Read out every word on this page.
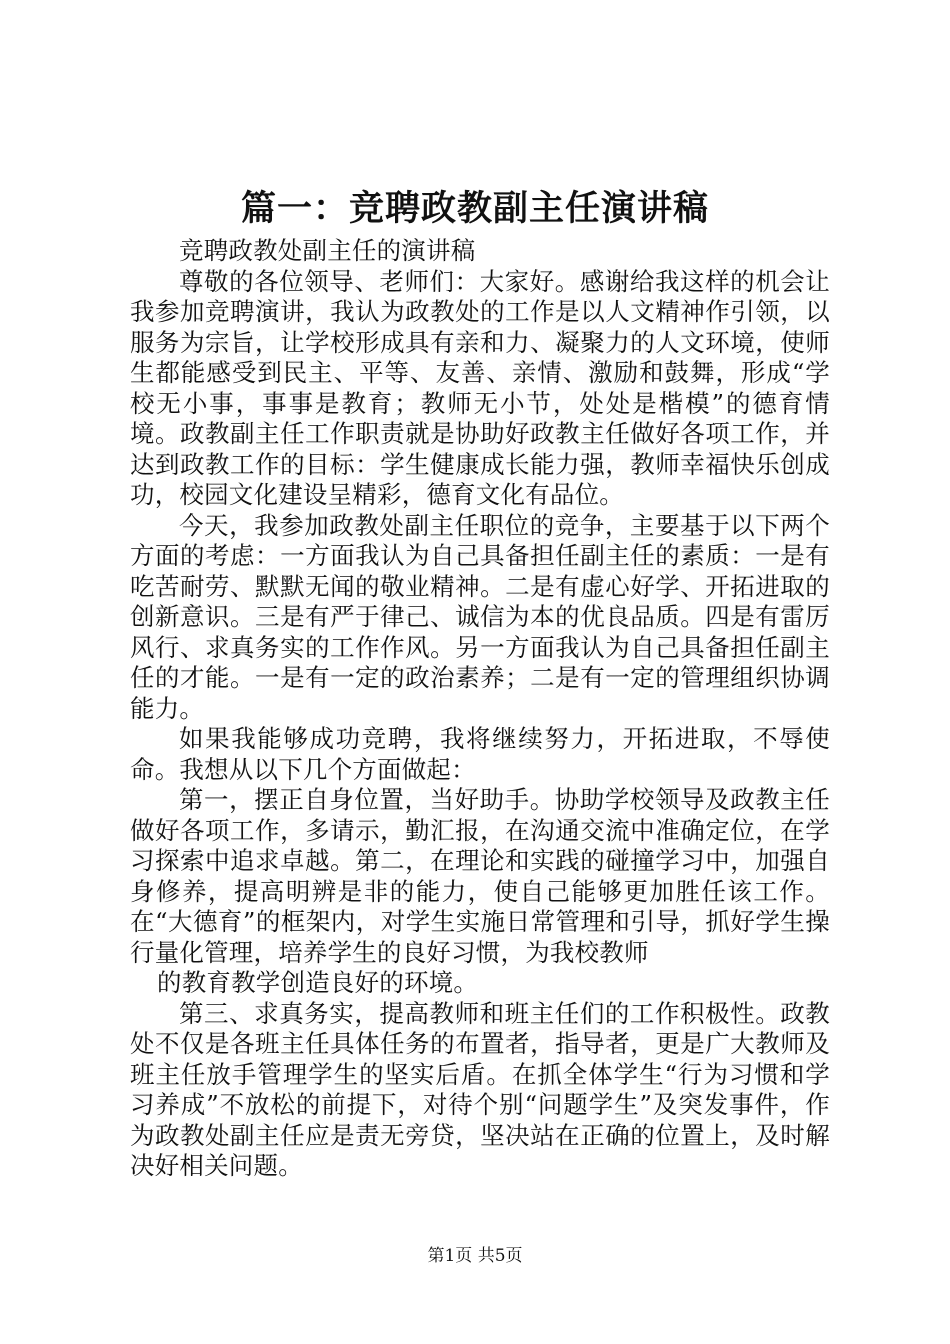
篇一：竞聘政教副主任演讲稿

竞聘政教处副主任的演讲稿

尊敬的各位领导、老师们：大家好。感谢给我这样的机会让我参加竞聘演讲，我认为政教处的工作是以人文精神作引领，以服务为宗旨，让学校形成具有亲和力、凝聚力的人文环境，使师生都能感受到民主、平等、友善、亲情、激励和鼓舞，形成“学校无小事，事事是教育；教师无小节，处处是楷模”的德育情境。政教副主任工作职责就是协助好政教主任做好各项工作，并达到政教工作的目标：学生健康成长能力强，教师幸福快乐创成功，校园文化建设呈精彩，德育文化有品位。

今天，我参加政教处副主任职位的竞争，主要基于以下两个方面的考虑：一方面我认为自己具备担任副主任的素质：一是有吃苦耐劳、默默无闻的敬业精神。二是有虚心好学、开拓进取的创新意识。三是有严于律己、诚信为本的优良品质。四是有雷厉风行、求真务实的工作作风。另一方面我认为自己具备担任副主任的才能。一是有一定的政治素养；二是有一定的管理组织协调能力。

如果我能够成功竞聘，我将继续努力，开拓进取，不辱使命。我想从以下几个方面做起：

第一，摆正自身位置，当好助手。协助学校领导及政教主任做好各项工作，多请示，勤汇报，在沟通交流中准确定位，在学习探索中追求卓越。第二，在理论和实践的碰撞学习中，加强自身修养，提高明辨是非的能力，使自己能够更加胜任该工作。在“大德育”的框架内，对学生实施日常管理和引导，抓好学生操行量化管理，培养学生的良好习惯，为我校教师

的教育教学创造良好的环境。

第三、求真务实，提高教师和班主任们的工作积极性。政教处不仅是各班主任具体任务的布置者，指导者，更是广大教师及班主任放手管理学生的坚实后盾。在抓全体学生“行为习惯和学习养成”不放松的前提下，对待个别“问题学生”及突发事件，作为政教处副主任应是责无旁贷，坚决站在正确的位置上，及时解决好相关问题。

第1页 共5页
